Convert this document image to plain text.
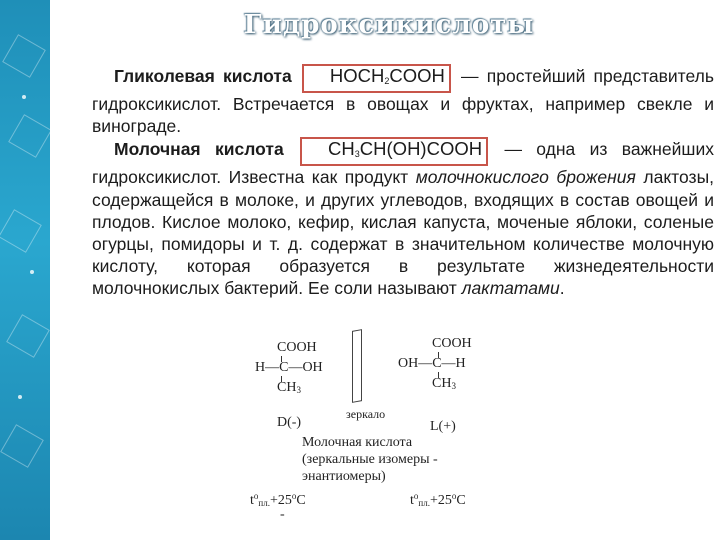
Гидроксикислоты

Гликолевая кислота $HOCH_2COOH$ — простейший представитель гидроксикислот. Встречается в овощах и фруктах, например свекле и винограде.

Молочная кислота $CH_3CH(OH)COOH$ — одна из важнейших гидроксикислот. Известна как продукт молочнокислого брожения лактозы, содержащейся в молоке, и других углеводов, входящих в состав овощей и плодов. Кислое молоко, кефир, кислая капуста, моченые яблоки, соленые огурцы, помидоры и т. д. содержат в значительном количестве молочную кислоту, которая образуется в результате жизнедеятельности молочнокислых бактерий. Ее соли называют лактатами.

COOH
H—C—OH
$CH_3$
зеркало
COOH
OH—C—H
$CH_3$
D(-)	L(+)
Молочная кислота
(зеркальные изомеры -
энантиомеры)
$t^o_{пл.}+25^oC$
-
$t^o_{пл.}+25^oC$
